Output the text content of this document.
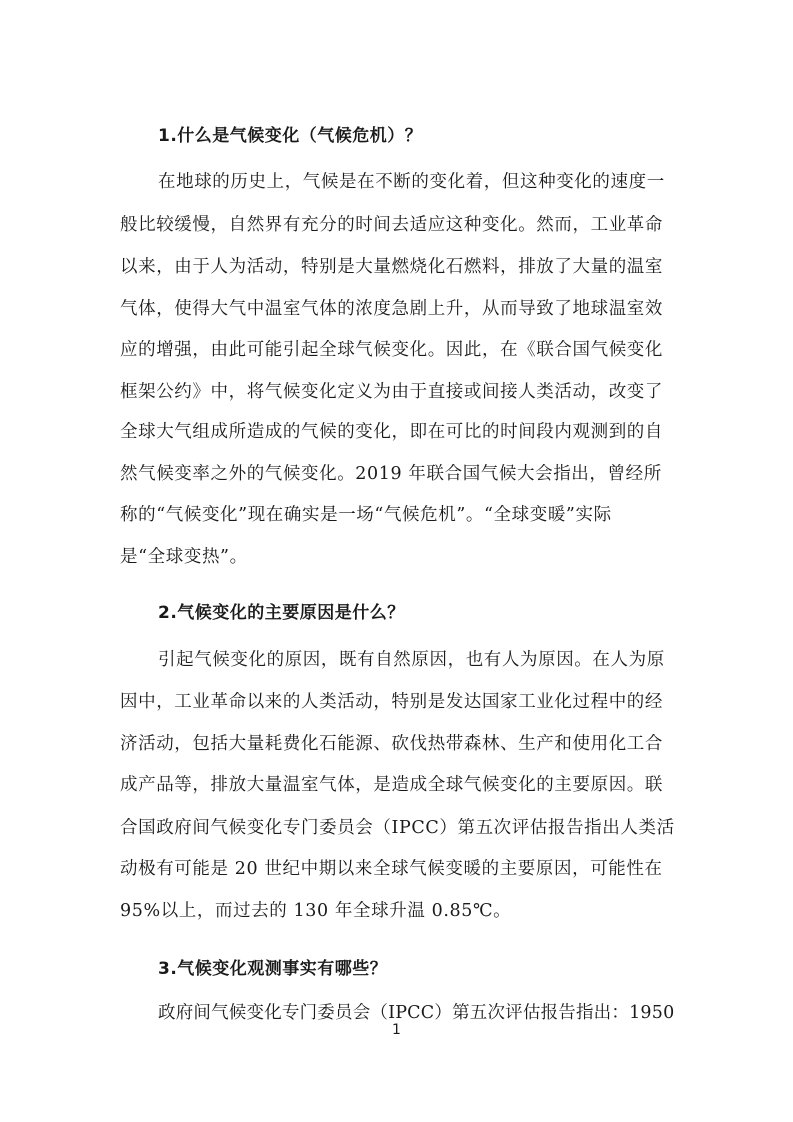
1.什么是气候变化（气候危机）？
在地球的历史上，气候是在不断的变化着，但这种变化的速度一
般比较缓慢，自然界有充分的时间去适应这种变化。然而，工业革命
以来，由于人为活动，特别是大量燃烧化石燃料，排放了大量的温室
气体，使得大气中温室气体的浓度急剧上升，从而导致了地球温室效
应的增强，由此可能引起全球气候变化。因此，在《联合国气候变化
框架公约》中，将气候变化定义为由于直接或间接人类活动，改变了
全球大气组成所造成的气候的变化，即在可比的时间段内观测到的自
然气候变率之外的气候变化。2019 年联合国气候大会指出，曾经所
称的“气候变化”现在确实是一场“气候危机”。“全球变暖”实际
是“全球变热”。
2.气候变化的主要原因是什么？
引起气候变化的原因，既有自然原因，也有人为原因。在人为原
因中，工业革命以来的人类活动，特别是发达国家工业化过程中的经
济活动，包括大量耗费化石能源、砍伐热带森林、生产和使用化工合
成产品等，排放大量温室气体，是造成全球气候变化的主要原因。联
合国政府间气候变化专门委员会（IPCC）第五次评估报告指出人类活
动极有可能是 20 世纪中期以来全球气候变暖的主要原因，可能性在
95%以上，而过去的 130 年全球升温 0.85℃。
3.气候变化观测事实有哪些？
政府间气候变化专门委员会（IPCC）第五次评估报告指出：1950
1
